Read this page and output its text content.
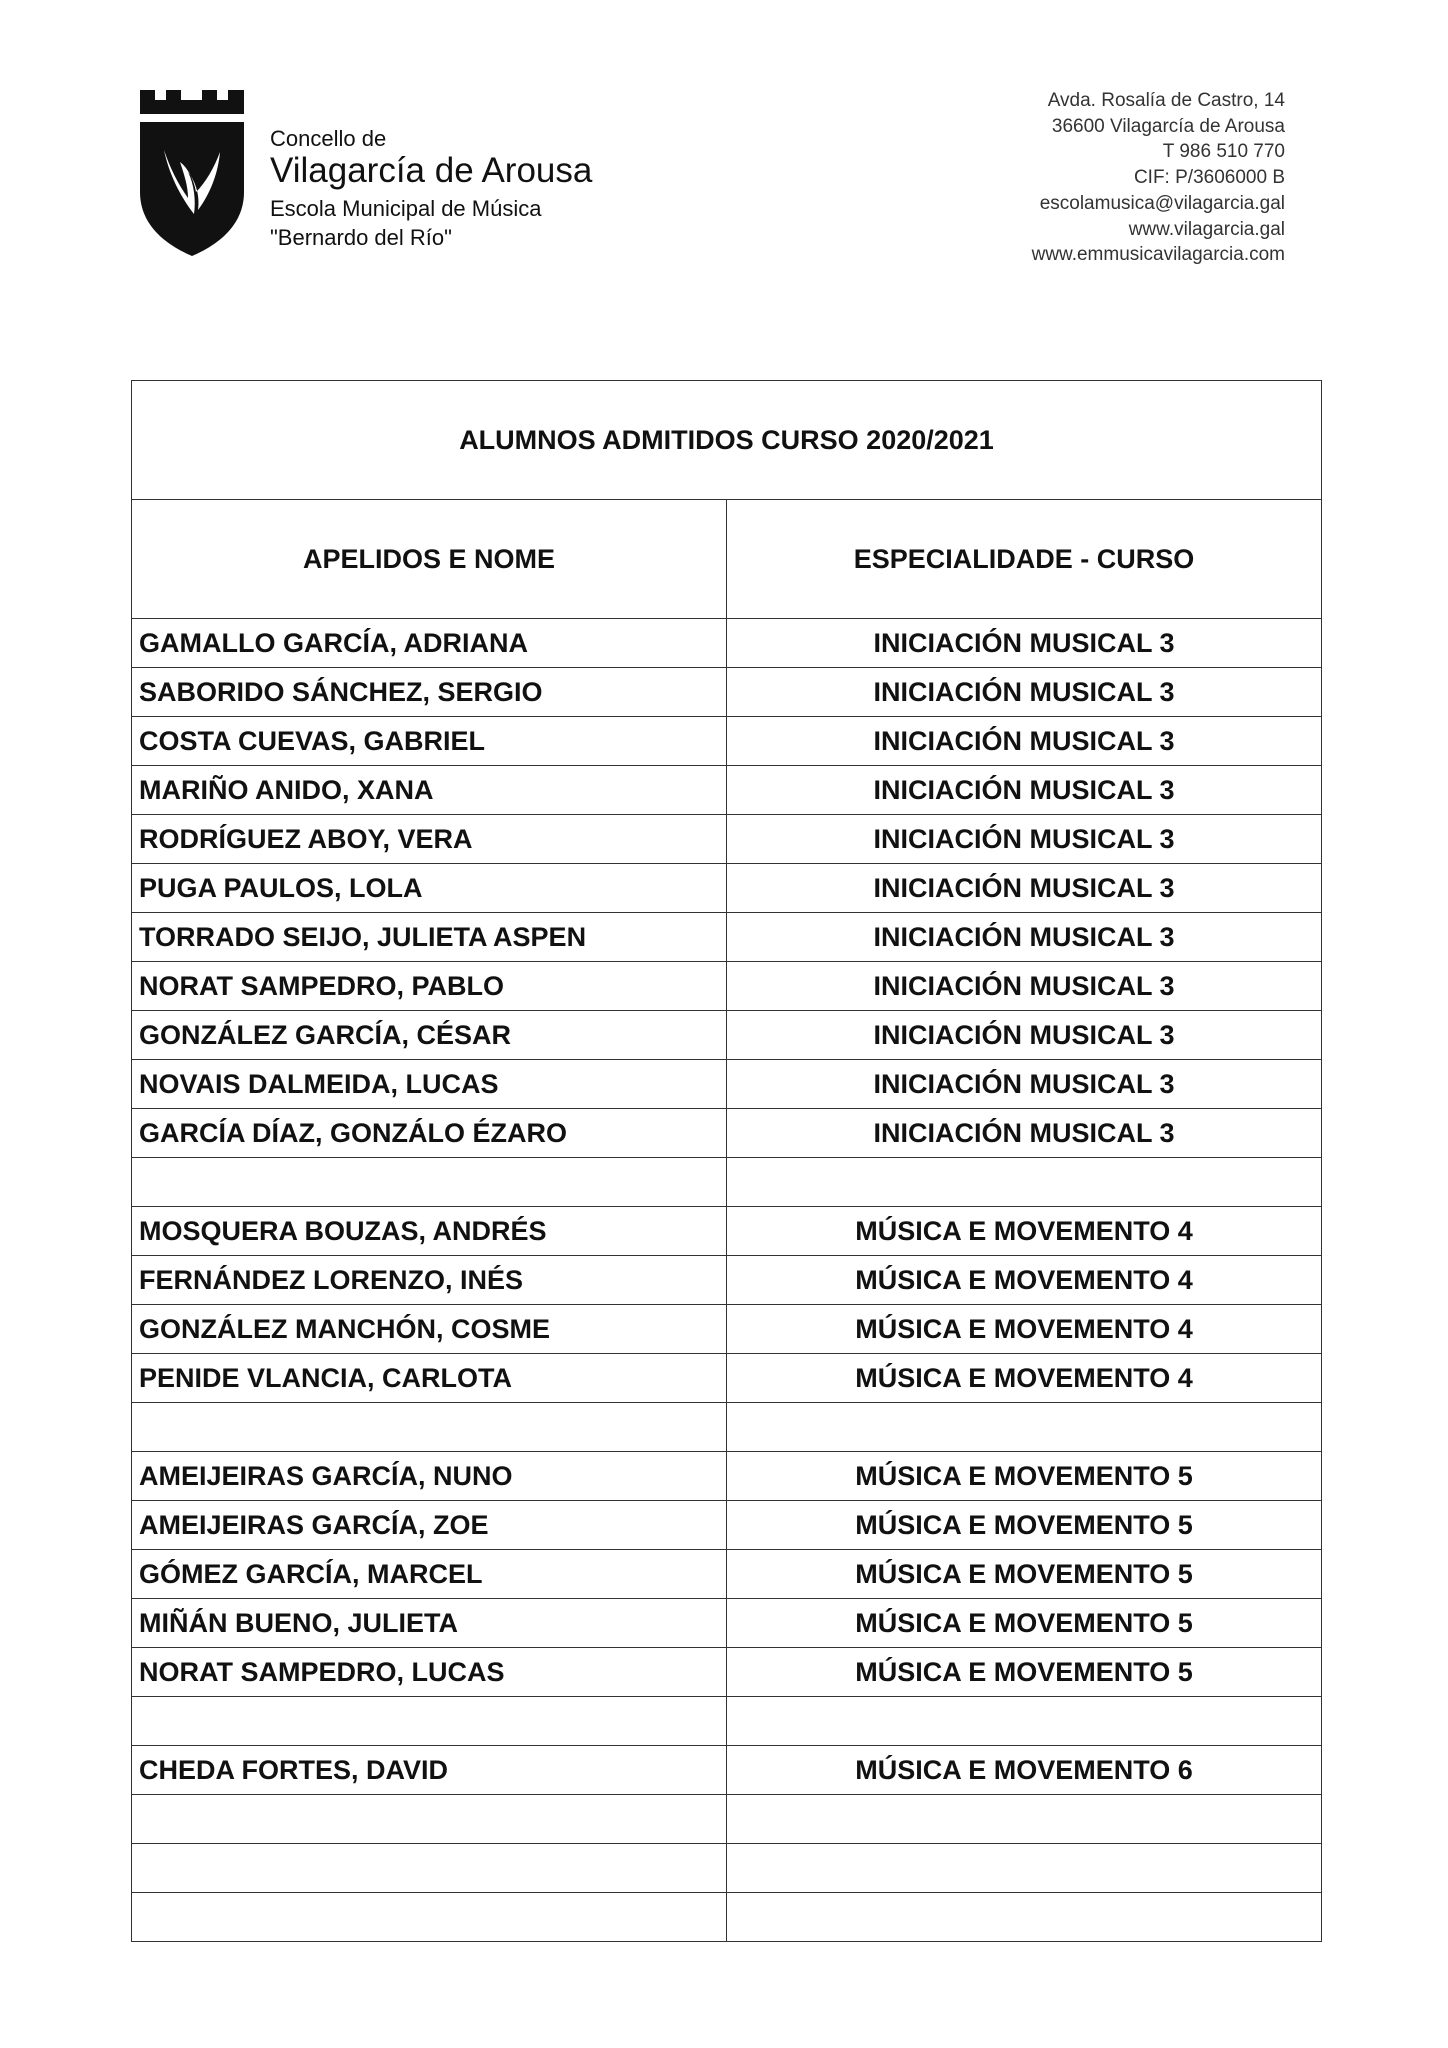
Concello de
Vilagarcía de Arousa
Escola Municipal de Música
"Bernardo del Río"
Avda. Rosalía de Castro, 14
36600 Vilagarcía de Arousa
T 986 510 770
CIF: P/3606000 B
escolamusica@vilagarcia.gal
www.vilagarcia.gal
www.emmusicavilagarcia.com
ALUMNOS ADMITIDOS CURSO 2020/2021	
APELIDOS E NOME	ESPECIALIDADE - CURSO
GAMALLO GARCÍA, ADRIANA	INICIACIÓN MUSICAL 3
SABORIDO SÁNCHEZ, SERGIO	INICIACIÓN MUSICAL 3
COSTA CUEVAS, GABRIEL	INICIACIÓN MUSICAL 3
MARIÑO ANIDO, XANA	INICIACIÓN MUSICAL 3
RODRÍGUEZ ABOY, VERA	INICIACIÓN MUSICAL 3
PUGA PAULOS, LOLA	INICIACIÓN MUSICAL 3
TORRADO SEIJO, JULIETA ASPEN	INICIACIÓN MUSICAL 3
NORAT SAMPEDRO, PABLO	INICIACIÓN MUSICAL 3
GONZÁLEZ GARCÍA, CÉSAR	INICIACIÓN MUSICAL 3
NOVAIS DALMEIDA, LUCAS	INICIACIÓN MUSICAL 3
GARCÍA DÍAZ, GONZÁLO ÉZARO	INICIACIÓN MUSICAL 3

MOSQUERA BOUZAS, ANDRÉS	MÚSICA E MOVEMENTO 4
FERNÁNDEZ LORENZO, INÉS	MÚSICA E MOVEMENTO 4
GONZÁLEZ MANCHÓN, COSME	MÚSICA E MOVEMENTO 4
PENIDE VLANCIA, CARLOTA	MÚSICA E MOVEMENTO 4

AMEIJEIRAS GARCÍA, NUNO	MÚSICA E MOVEMENTO 5
AMEIJEIRAS GARCÍA, ZOE	MÚSICA E MOVEMENTO 5
GÓMEZ GARCÍA, MARCEL	MÚSICA E MOVEMENTO 5
MIÑÁN BUENO, JULIETA	MÚSICA E MOVEMENTO 5
NORAT SAMPEDRO, LUCAS	MÚSICA E MOVEMENTO 5

CHEDA FORTES, DAVID	MÚSICA E MOVEMENTO 6
